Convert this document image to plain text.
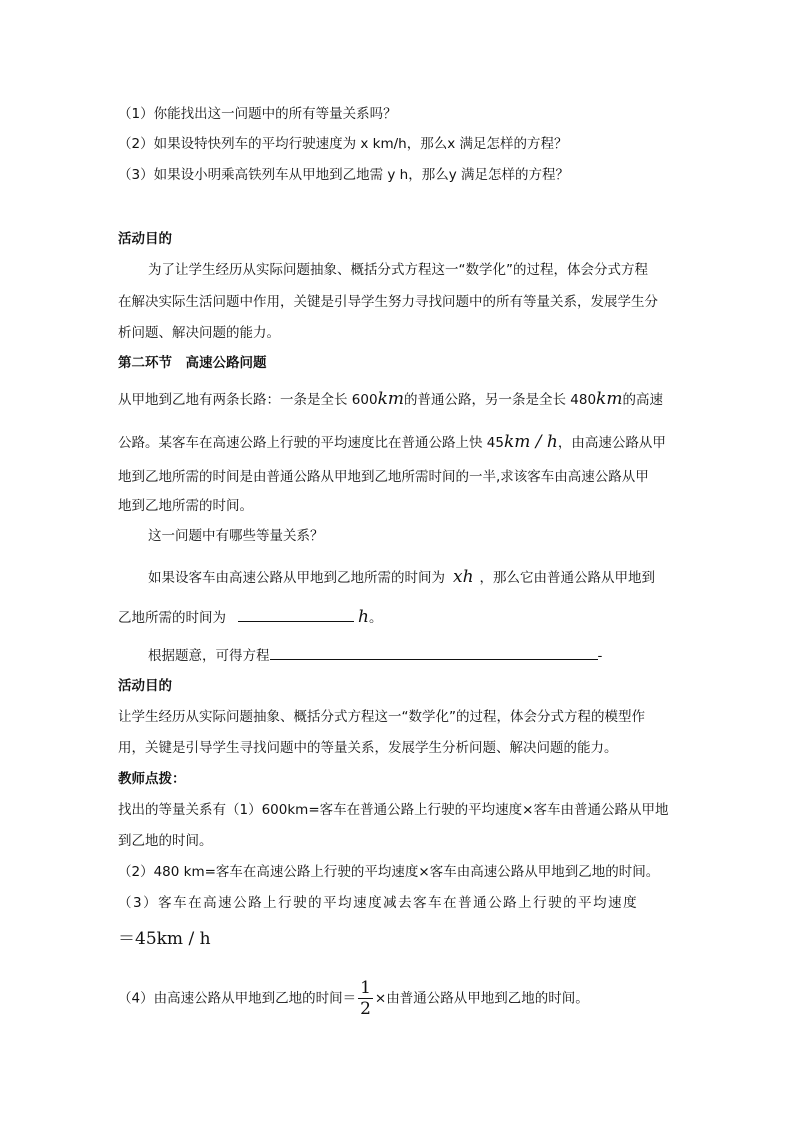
（1）你能找出这一问题中的所有等量关系吗？
（2）如果设特快列车的平均行驶速度为 x km/h，那么x 满足怎样的方程？
（3）如果设小明乘高铁列车从甲地到乙地需 y h，那么y 满足怎样的方程？
活动目的
为了让学生经历从实际问题抽象、概括分式方程这一“数学化”的过程，体会分式方程
在解决实际生活问题中作用，关键是引导学生努力寻找问题中的所有等量关系，发展学生分
析问题、解决问题的能力。
第二环节　高速公路问题
从甲地到乙地有两条长路：一条是全长 600km的普通公路，另一条是全长 480km的高速
公路。某客车在高速公路上行驶的平均速度比在普通公路上快 45km / h，由高速公路从甲
地到乙地所需的时间是由普通公路从甲地到乙地所需时间的一半,求该客车由高速公路从甲
地到乙地所需的时间。
这一问题中有哪些等量关系？
如果设客车由高速公路从甲地到乙地所需的时间为 xh ，那么它由普通公路从甲地到
乙地所需的时间为	h。
根据题意，可得方程	-
活动目的
让学生经历从实际问题抽象、概括分式方程这一“数学化”的过程，体会分式方程的模型作
用，关键是引导学生寻找问题中的等量关系，发展学生分析问题、解决问题的能力。
教师点拨：
找出的等量关系有（1）600km=客车在普通公路上行驶的平均速度×客车由普通公路从甲地
到乙地的时间。
（2）480 km=客车在高速公路上行驶的平均速度×客车由高速公路从甲地到乙地的时间。
（3）客车在高速公路上行驶的平均速度减去客车在普通公路上行驶的平均速度
＝45km / h
（4）由高速公路从甲地到乙地的时间＝ $\frac{1}{2}$ ×由普通公路从甲地到乙地的时间。
